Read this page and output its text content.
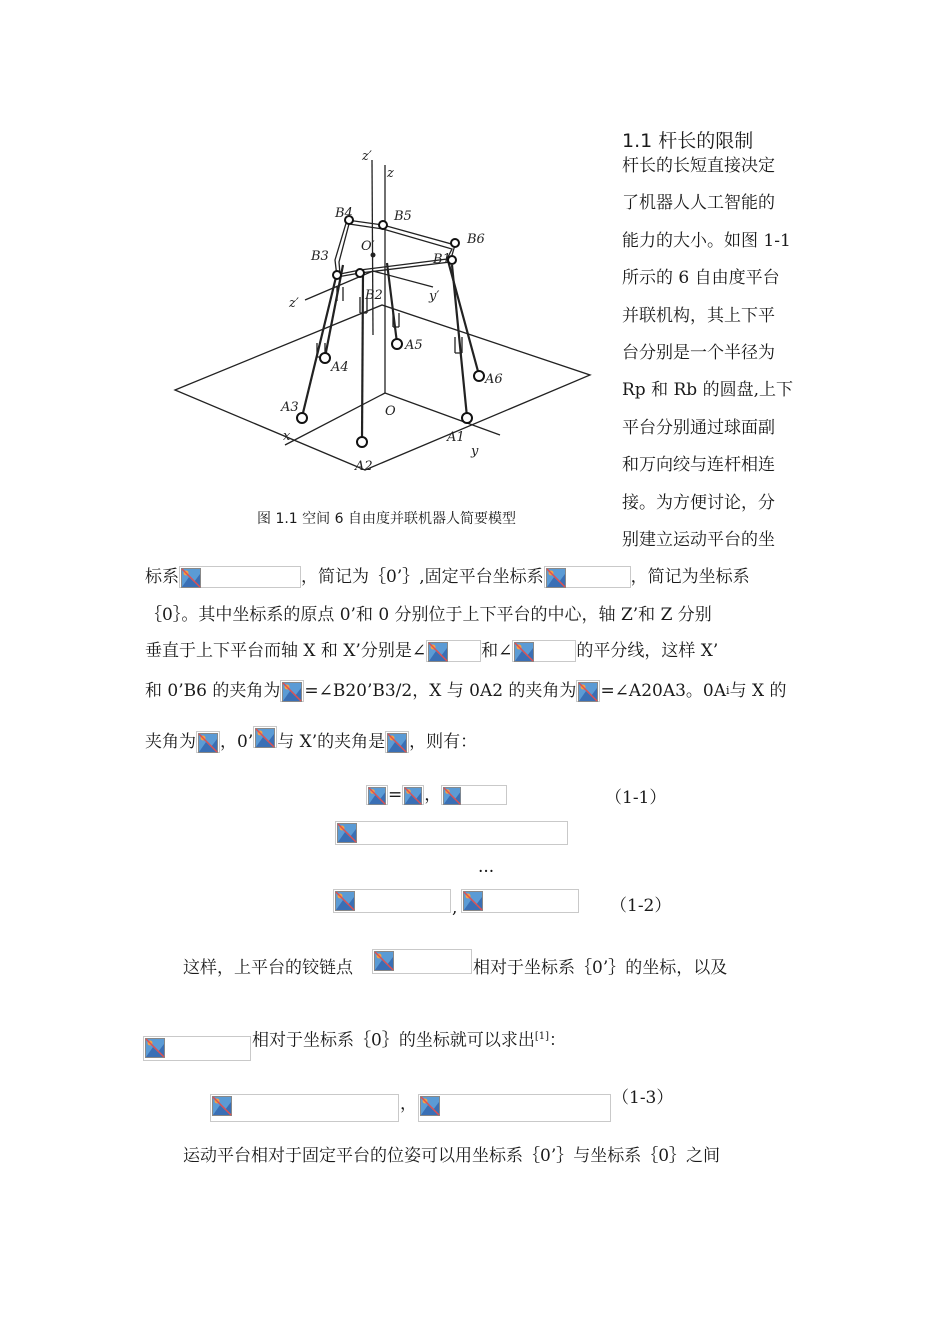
z′
z
O′
z′	y′
B1
B2
B3
B4	B5
B6
A1
A2
A3
A4
A5
A6
O
x
y
图 1.1 空间 6 自由度并联机器人简要模型
1.1 杆长的限制
杆长的长短直接决定
了机器人人工智能的
能力的大小。如图 1-1
所示的 6 自由度平台
并联机构，其上下平
台分别是一个半径为
Rp 和 Rb 的圆盘,上下
平台分别通过球面副
和万向绞与连杆相连
接。为方便讨论，分
别建立运动平台的坐
标系	，简记为｛0’｝,固定平台坐标系	，简记为坐标系
｛0｝。其中坐标系的原点 0’和 0 分别位于上下平台的中心，轴 Z’和 Z 分别
垂直于上下平台而轴 X 和 X’分别是∠	和∠	的平分线，这样 X’
和 0’B6 的夹角为 =∠B20’B3/2，X 与 0A2 的夹角为 =∠A20A3。0A i 与 X 的
夹角为 ，0’ 与 X’的夹角是 ，则有：
= ，	（1-1）
···
,	（1-2）
这样，上平台的铰链点	相对于坐标系｛0’｝的坐标，以及
相对于坐标系｛0｝的坐标就可以求出[1]：
，	（1-3）
运动平台相对于固定平台的位姿可以用坐标系｛0’｝与坐标系｛0｝之间
